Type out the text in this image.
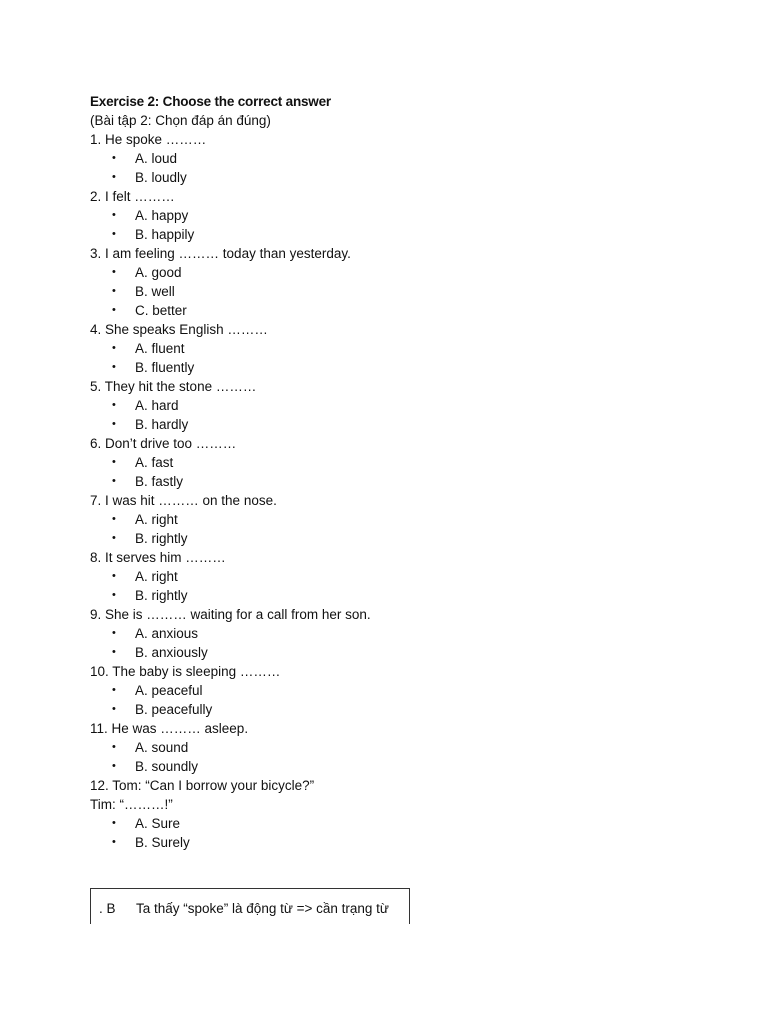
Exercise 2: Choose the correct answer
(Bài tập 2: Chọn đáp án đúng)
1. He spoke ………
• A. loud
• B. loudly
2. I felt ………
• A. happy
• B. happily
3. I am feeling ……… today than yesterday.
• A. good
• B. well
• C. better
4. She speaks English ………
• A. fluent
• B. fluently
5. They hit the stone ………
• A. hard
• B. hardly
6. Don’t drive too ………
• A. fast
• B. fastly
7. I was hit ……… on the nose.
• A. right
• B. rightly
8. It serves him ………
• A. right
• B. rightly
9. She is ……… waiting for a call from her son.
• A. anxious
• B. anxiously
10. The baby is sleeping ………
• A. peaceful
• B. peacefully
11. He was ……… asleep.
• A. sound
• B. soundly
12. Tom: “Can I borrow your bicycle?”
Tim: “………!”
• A. Sure
• B. Surely
. B Ta thấy “spoke” là động từ => cần trạng từ
